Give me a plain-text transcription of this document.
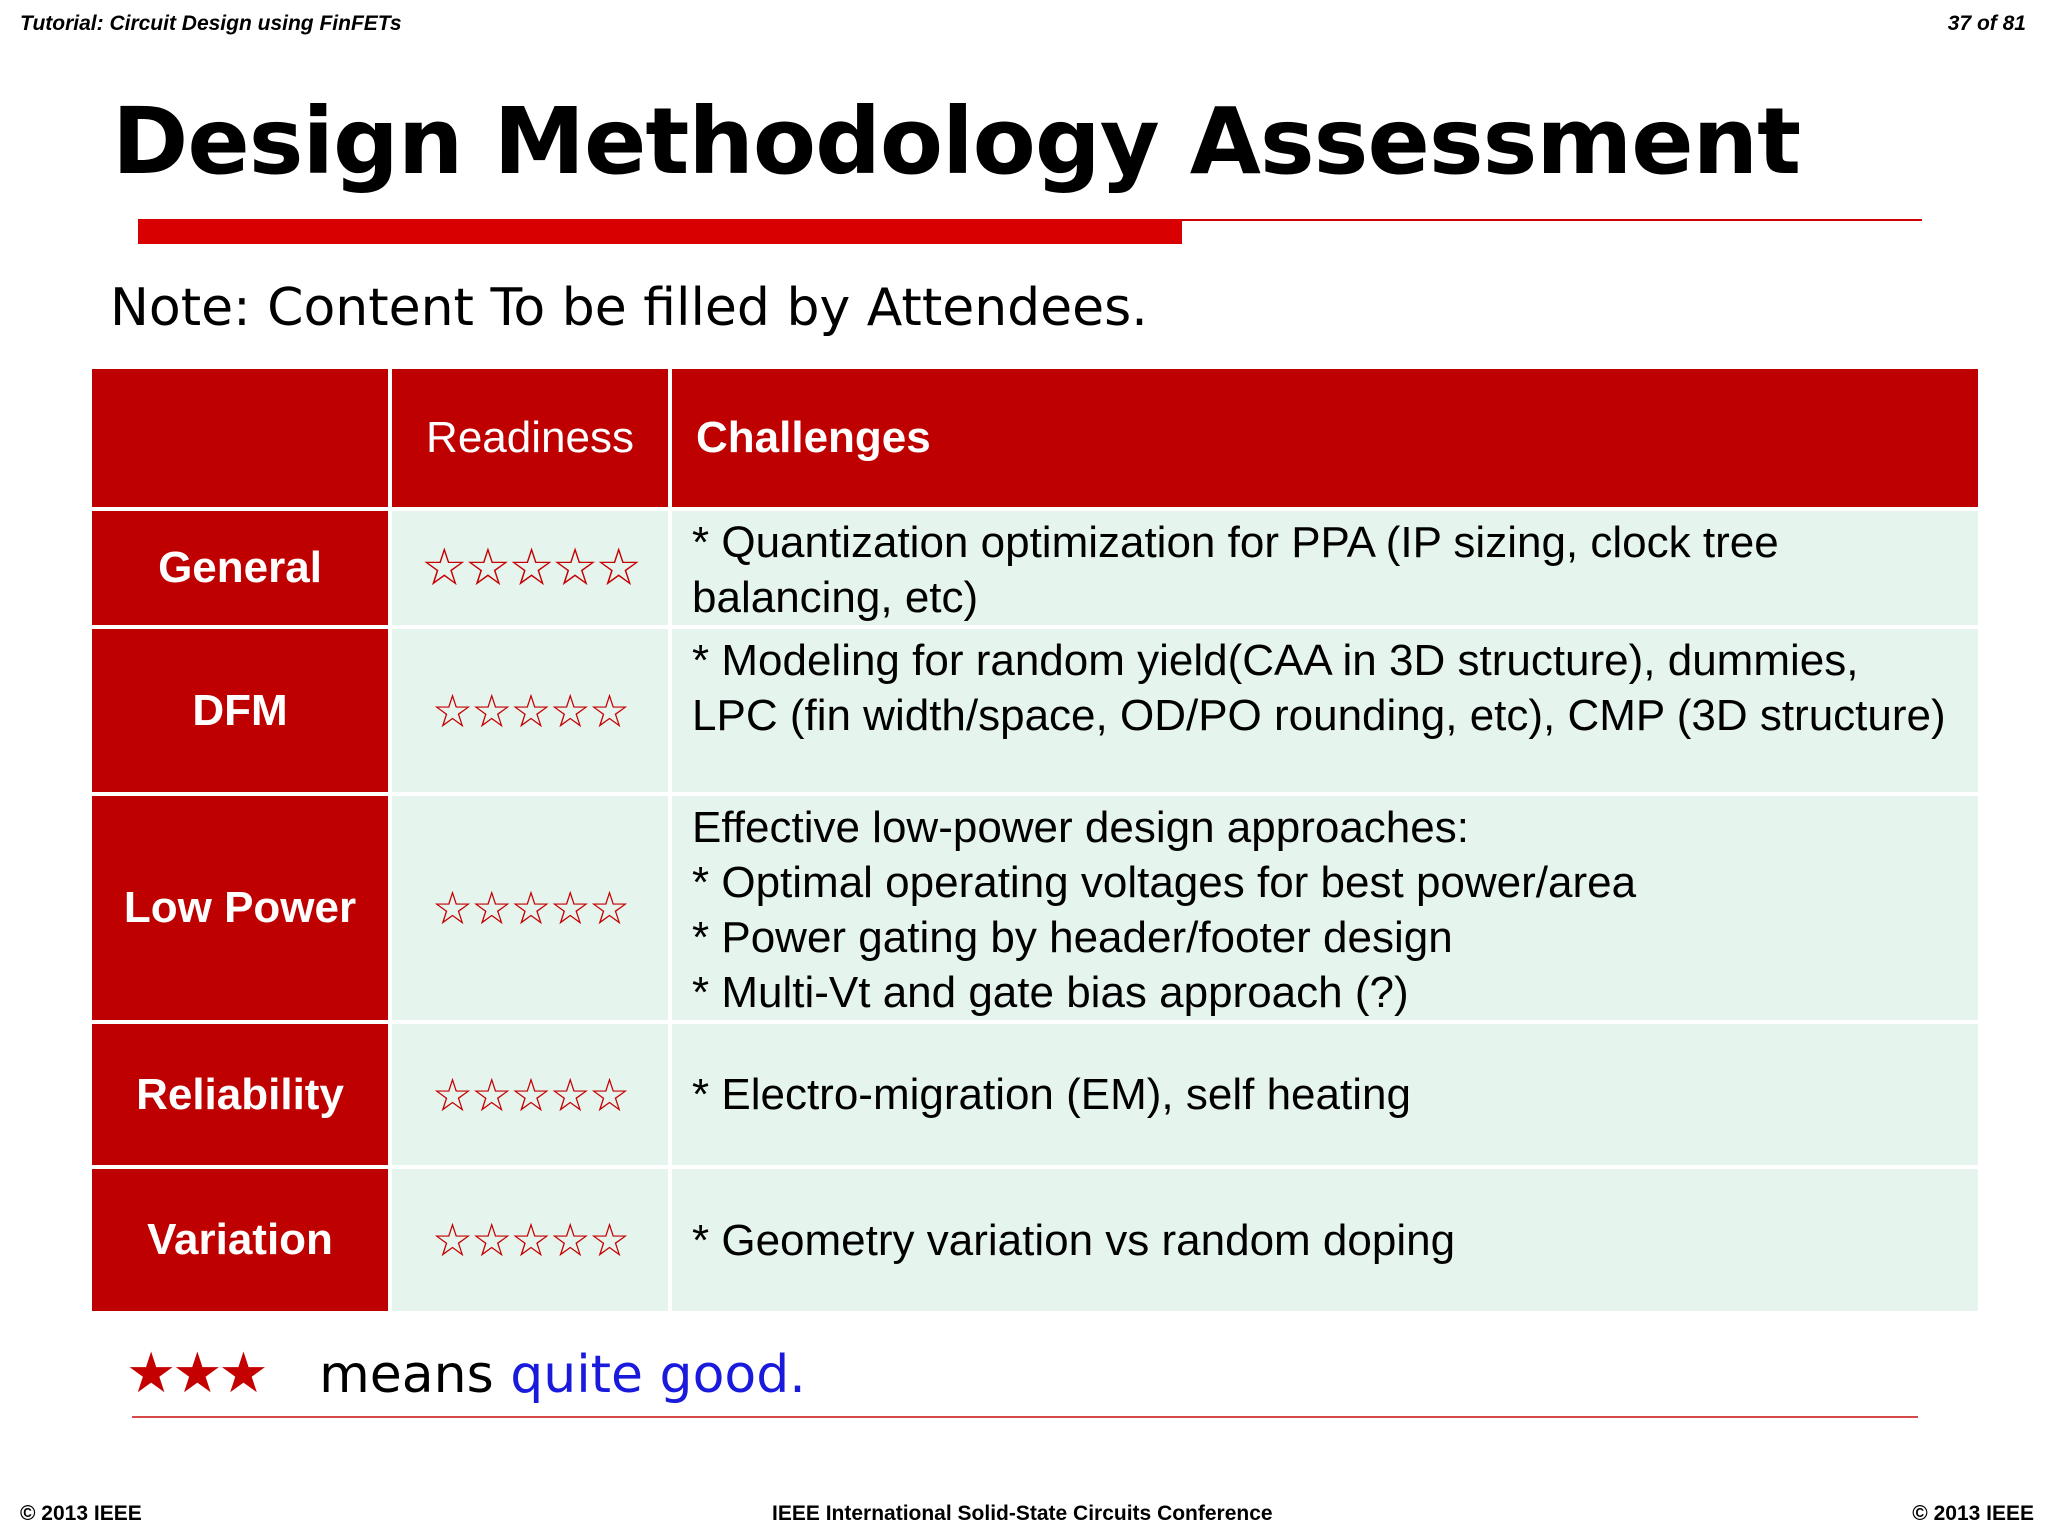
Tutorial: Circuit Design using FinFETs	37 of 81
Design Methodology Assessment
Note: Content To be filled by Attendees.
	Readiness	Challenges
General	☆☆☆☆☆	* Quantization optimization for PPA (IP sizing, clock tree
balancing, etc)

DFM	☆☆☆☆☆	* Modeling for random yield(CAA in 3D structure), dummies,
LPC (fin width/space, OD/PO rounding, etc), CMP (3D structure)

Low Power	☆☆☆☆☆	Effective low-power design approaches:
* Optimal operating voltages for best power/area
* Power gating by header/footer design
* Multi-Vt and gate bias approach (?)

Reliability	☆☆☆☆☆	* Electro-migration (EM), self heating

Variation	☆☆☆☆☆	* Geometry variation vs random doping
★★★ means quite good.
© 2013 IEEE	IEEE International Solid-State Circuits Conference	© 2013 IEEE
